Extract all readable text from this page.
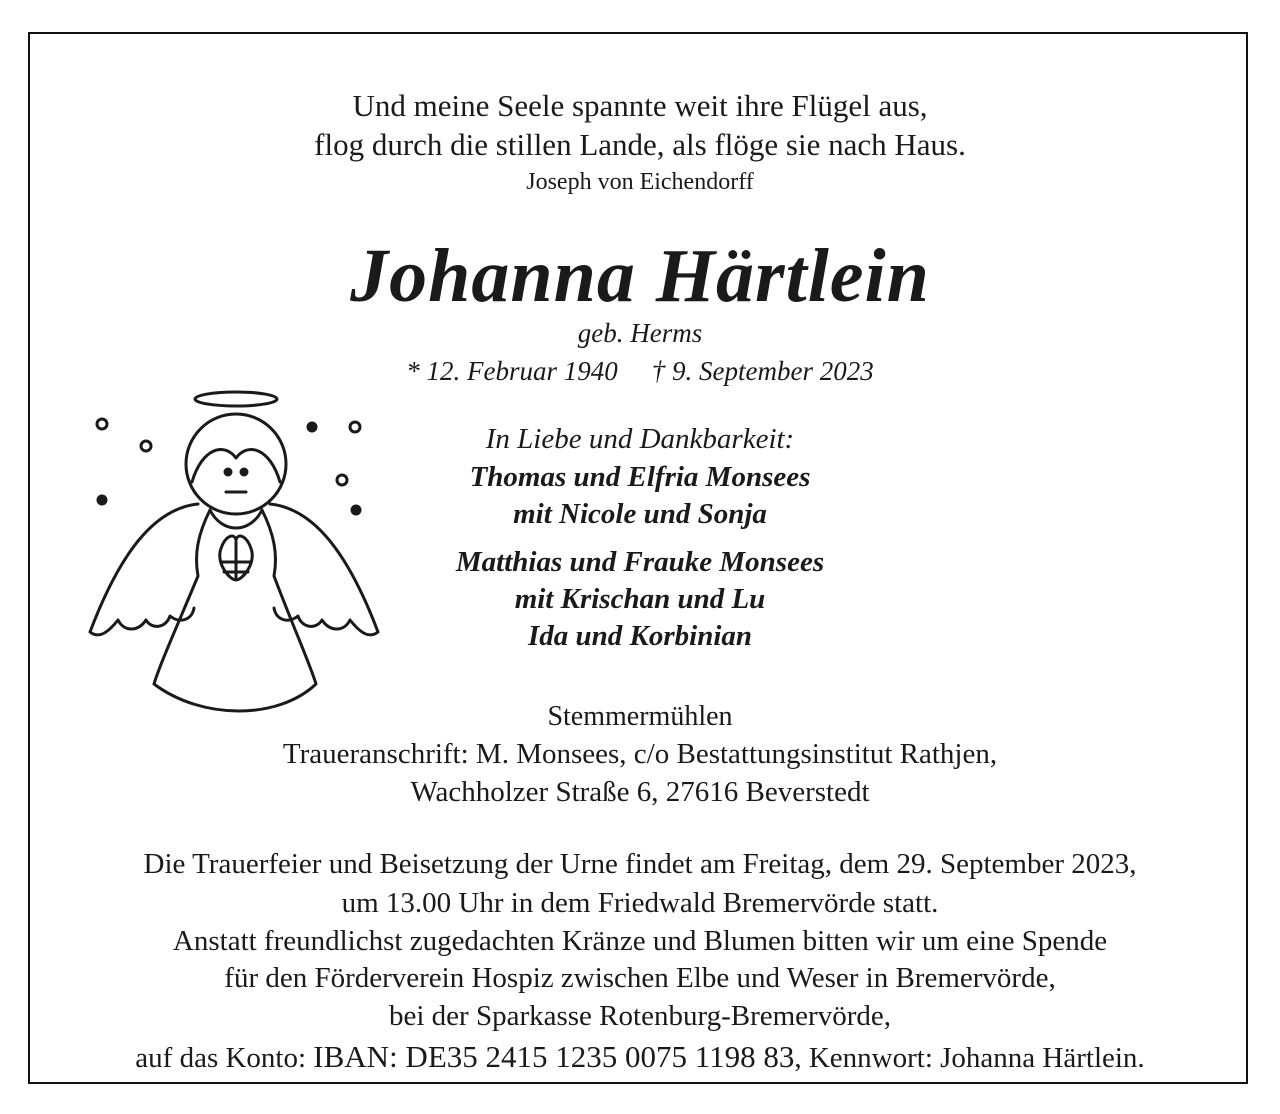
Und meine Seele spannte weit ihre Flügel aus,
flog durch die stillen Lande, als flöge sie nach Haus.
Joseph von Eichendorff
Johanna Härtlein
geb. Herms
* 12. Februar 1940 † 9. September 2023
In Liebe und Dankbarkeit:
Thomas und Elfria Monsees
mit Nicole und Sonja
Matthias und Frauke Monsees
mit Krischan und Lu
Ida und Korbinian
Stemmermühlen
Traueranschrift: M. Monsees, c/o Bestattungsinstitut Rathjen,
Wachholzer Straße 6, 27616 Beverstedt
Die Trauerfeier und Beisetzung der Urne findet am Freitag, dem 29. September 2023,
um 13.00 Uhr in dem Friedwald Bremervörde statt.
Anstatt freundlichst zugedachten Kränze und Blumen bitten wir um eine Spende
für den Förderverein Hospiz zwischen Elbe und Weser in Bremervörde,
bei der Sparkasse Rotenburg-Bremervörde,
auf das Konto: IBAN: DE35 2415 1235 0075 1198 83, Kennwort: Johanna Härtlein.
